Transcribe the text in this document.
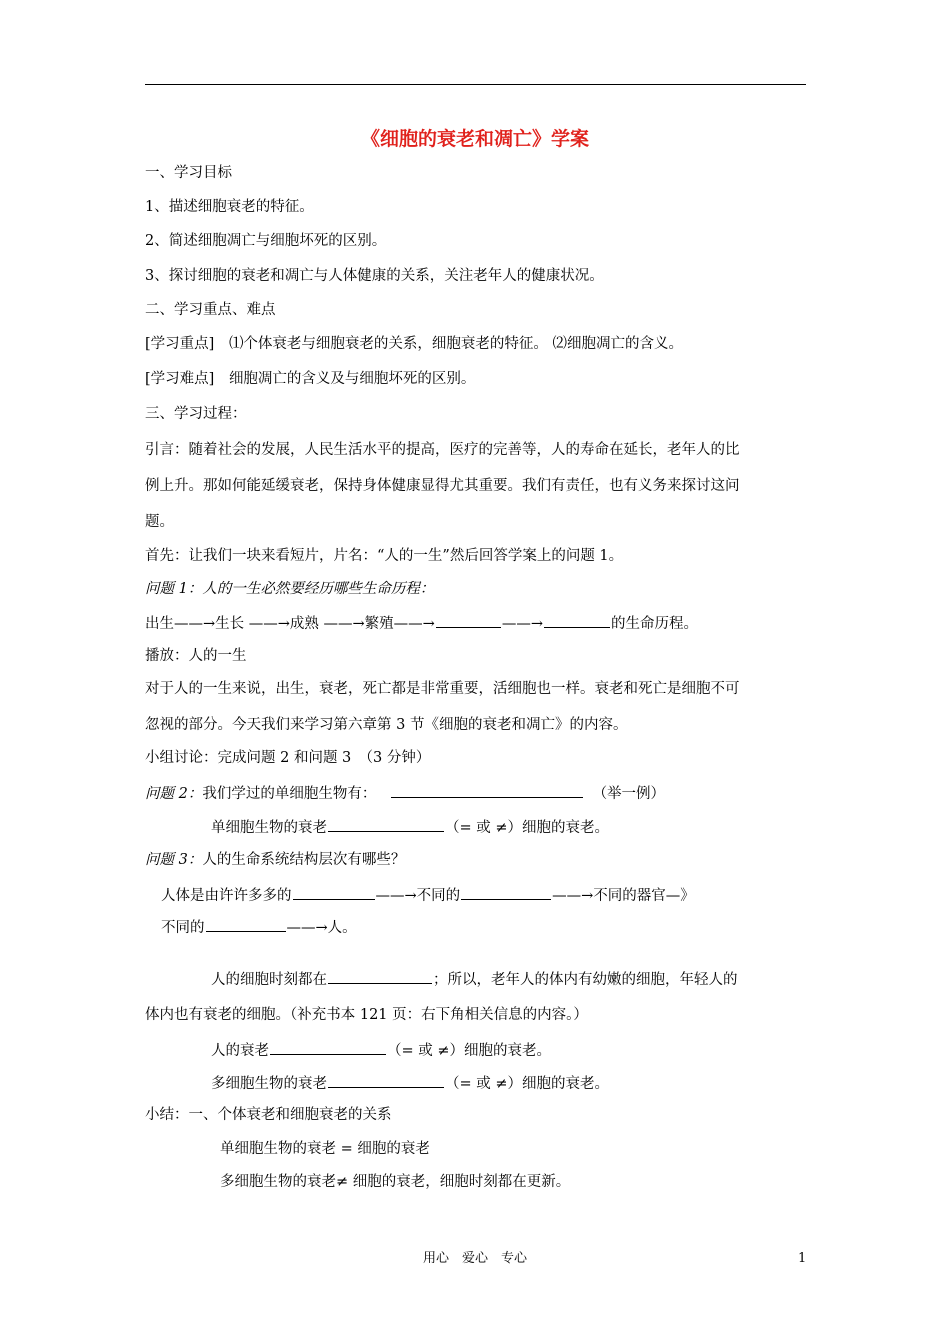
《细胞的衰老和凋亡》学案
一、学习目标
1、描述细胞衰老的特征。
2、简述细胞凋亡与细胞坏死的区别。
3、探讨细胞的衰老和凋亡与人体健康的关系，关注老年人的健康状况。
二、学习重点、难点
[学习重点] ⑴个体衰老与细胞衰老的关系，细胞衰老的特征。 ⑵细胞凋亡的含义。
[学习难点] 细胞凋亡的含义及与细胞坏死的区别。
三、学习过程：
引言：随着社会的发展，人民生活水平的提高，医疗的完善等，人的寿命在延长，老年人的比
例上升。那如何能延缓衰老，保持身体健康显得尤其重要。我们有责任，也有义务来探讨这问
题。
首先：让我们一块来看短片，片名：“人的一生”然后回答学案上的问题 1。
问题 1：人的一生必然要经历哪些生命历程：
出生——→生长 ——→成熟 ——→繁殖——→	——→	的生命历程。
播放：人的一生
对于人的一生来说，出生，衰老，死亡都是非常重要，活细胞也一样。衰老和死亡是细胞不可
忽视的部分。今天我们来学习第六章第 3 节《细胞的衰老和凋亡》的内容。
小组讨论：完成问题 2 和问题 3　（3 分钟）
问题 2：我们学过的单细胞生物有：	（举一例）
单细胞生物的衰老	（= 或 ≠）细胞的衰老。
问题 3：人的生命系统结构层次有哪些？
人体是由许许多多的	——→不同的	——→不同的器官—》
不同的	——→人。
人的细胞时刻都在	；所以，老年人的体内有幼嫩的细胞，年轻人的
体内也有衰老的细胞。（补充书本 121 页：右下角相关信息的内容。）
人的衰老	（= 或 ≠）细胞的衰老。
多细胞生物的衰老	（= 或 ≠）细胞的衰老。
小结：一、个体衰老和细胞衰老的关系
单细胞生物的衰老 = 细胞的衰老
多细胞生物的衰老≠ 细胞的衰老，细胞时刻都在更新。
用心　爱心　专心	1
